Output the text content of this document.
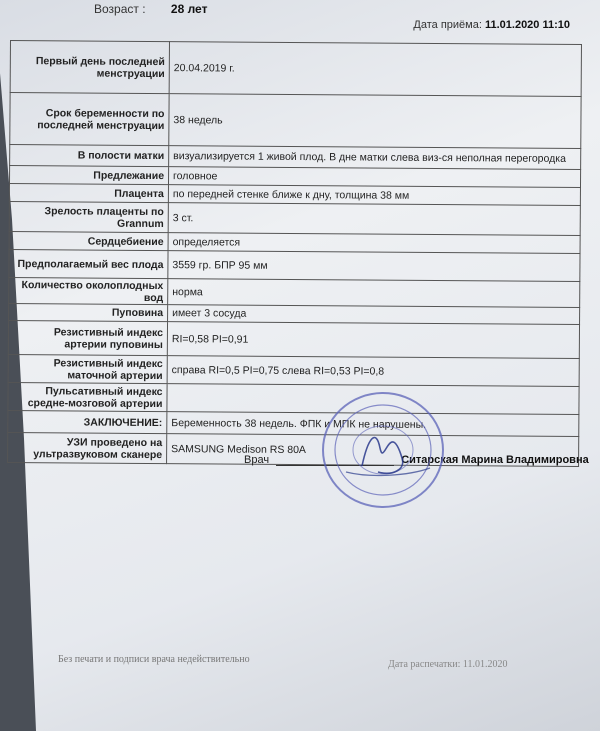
Возраст : 28 лет
Дата приёма: 11.01.2020 11:10
Первый день последней менструации	20.04.2019 г.
Срок беременности по последней менструации	38 недель
В полости матки	визуализируется 1 живой плод. В дне матки слева виз-ся неполная перегородка
Предлежание	головное
Плацента	по передней стенке ближе к дну, толщина 38 мм
Зрелость плаценты по Grannum	3 ст.
Сердцебиение	определяется
Предполагаемый вес плода	3559 гр. БПР 95 мм
Количество околоплодных вод	норма
Пуповина	имеет 3 сосуда
Резистивный индекс артерии пуповины	RI=0,58 PI=0,91
Резистивный индекс маточной артерии	справа RI=0,5 PI=0,75 слева RI=0,53 PI=0,8
Пульсативный индекс средне-мозговой артерии	
ЗАКЛЮЧЕНИЕ:	Беременность 38 недель. ФПК и МПК не нарушены.
УЗИ проведено на ультразвуковом сканере	SAMSUNG Medison RS 80A
Врач	Ситарская Марина Владимировна
Без печати и подписи врача недействительно	Дата распечатки: 11.01.2020
